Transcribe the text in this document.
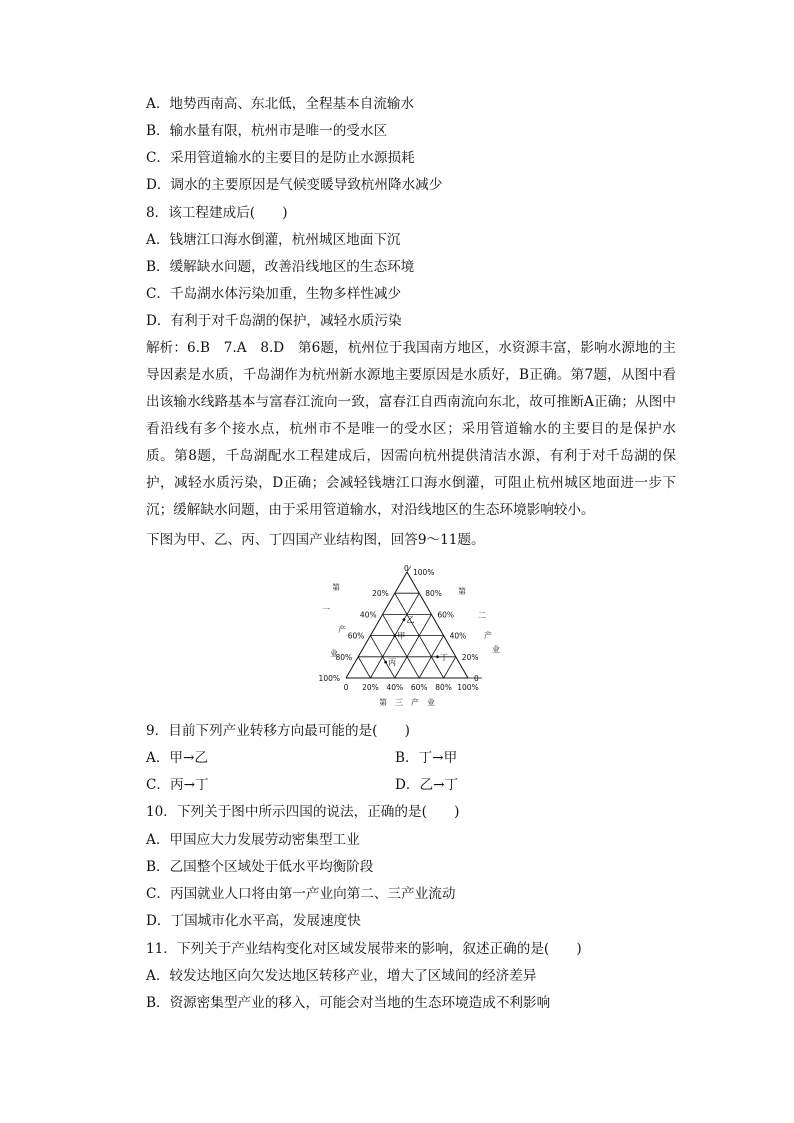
A．地势西南高、东北低，全程基本自流输水
B．输水量有限，杭州市是唯一的受水区
C．采用管道输水的主要目的是防止水源损耗
D．调水的主要原因是气候变暖导致杭州降水减少
8．该工程建成后(　　)
A．钱塘江口海水倒灌，杭州城区地面下沉
B．缓解缺水问题，改善沿线地区的生态环境
C．千岛湖水体污染加重，生物多样性减少
D．有利于对千岛湖的保护，减轻水质污染
解析：6.B　7.A　8.D　第6题，杭州位于我国南方地区，水资源丰富，影响水源地的主导因素是水质，千岛湖作为杭州新水源地主要原因是水质好，B正确。第7题，从图中看出该输水线路基本与富春江流向一致，富春江自西南流向东北，故可推断A正确；从图中看沿线有多个接水点，杭州市不是唯一的受水区；采用管道输水的主要目的是保护水质。第8题，千岛湖配水工程建成后，因需向杭州提供清洁水源，有利于对千岛湖的保护，减轻水质污染，D正确；会减轻钱塘江口海水倒灌，可阻止杭州城区地面进一步下沉；缓解缺水问题，由于采用管道输水，对沿线地区的生态环境影响较小。
下图为甲、乙、丙、丁四国产业结构图，回答9～11题。
0
20%
40%
60%
80%
100%
100%
80%
60%
40%
20%
0
0 20% 40% 60% 80% 100%
第
一
产
业
第
二
产
业
第　三　产　业
甲
乙
丙
丁
9．目前下列产业转移方向最可能的是(　　)
A．甲→乙	B．丁→甲
C．丙→丁	D．乙→丁
10．下列关于图中所示四国的说法，正确的是(　　)
A．甲国应大力发展劳动密集型工业
B．乙国整个区域处于低水平均衡阶段
C．丙国就业人口将由第一产业向第二、三产业流动
D．丁国城市化水平高，发展速度快
11．下列关于产业结构变化对区域发展带来的影响，叙述正确的是(　　)
A．较发达地区向欠发达地区转移产业，增大了区域间的经济差异
B．资源密集型产业的移入，可能会对当地的生态环境造成不利影响
